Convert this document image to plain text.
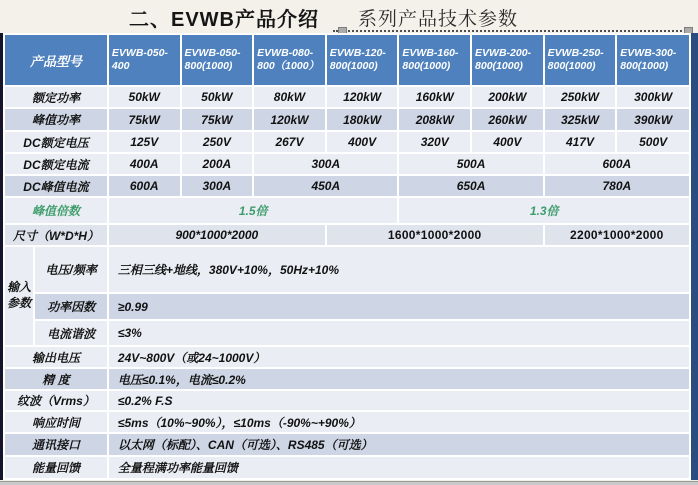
二、EVWB产品介绍 系列产品技术参数
产品型号		EVWB-050-400	EVWB-050-800(1000)	EVWB-080-800（1000）	EVWB-120-800(1000)	EVWB-160-800(1000)	EVWB-200-800(1000)	EVWB-250-800(1000)	EVWB-300-800(1000)
额定功率		50kW	50kW	80kW	120kW	160kW	200kW	250kW	300kW
峰值功率		75kW	75kW	120kW	180kW	208kW	260kW	325kW	390kW
DC额定电压		125V	250V	267V	400V	320V	400V	417V	500V
DC额定电流		400A	200A	300A		500A		600A	
DC峰值电流		600A	300A	450A		650A		780A	
峰值倍数		1.5倍				1.3倍			
尺寸（W*D*H）		900*1000*2000			1600*1000*2000			2200*1000*2000	
输入
参数	电压/频率	三相三线+地线，380V+10%，50Hz+10%							
	功率因数	≥0.99							
	电流谐波	≤3%							
输出电压		24V~800V（或24~1000V）							
精 度		电压≤0.1%，电流≤0.2%							
纹波（Vrms）		≤0.2% F.S							
响应时间		≤5ms（10%~90%），≤10ms（-90%~+90%）							
通讯接口		以太网（标配）、CAN（可选）、RS485（可选）							
能量回馈		全量程满功率能量回馈							
